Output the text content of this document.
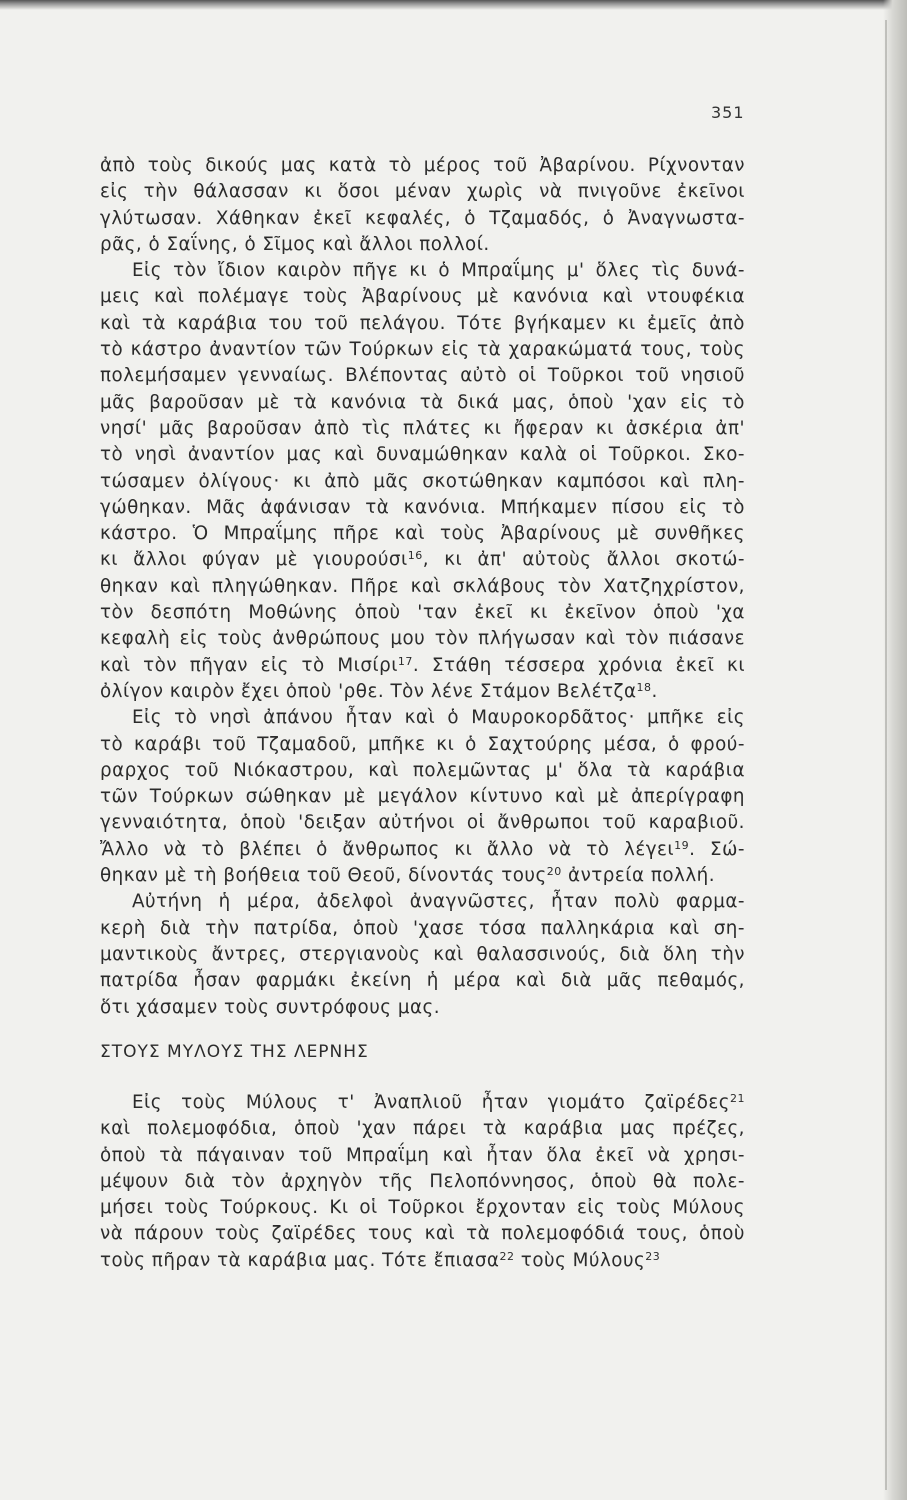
351
ἀπὸ τοὺς δικούς μας κατὰ τὸ μέρος τοῦ Ἀβαρίνου. Ρίχνονταν
εἰς τὴν θάλασσαν κι ὅσοι μέναν χωρὶς νὰ πνιγοῦνε ἐκεῖνοι
γλύτωσαν. Χάθηκαν ἐκεῖ κεφαλές, ὁ Τζαμαδός, ὁ Ἀναγνωστα-
ρᾶς, ὁ Σαΐνης, ὁ Σῖμος καὶ ἄλλοι πολλοί.
Εἰς τὸν ἴδιον καιρὸν πῆγε κι ὁ Μπραΐμης μ' ὅλες τὶς δυνά-
μεις καὶ πολέμαγε τοὺς Ἀβαρίνους μὲ κανόνια καὶ ντουφέκια
καὶ τὰ καράβια του τοῦ πελάγου. Τότε βγήκαμεν κι ἐμεῖς ἀπὸ
τὸ κάστρο ἀναντίον τῶν Τούρκων εἰς τὰ χαρακώματά τους, τοὺς
πολεμήσαμεν γενναίως. Βλέποντας αὐτὸ οἱ Τοῦρκοι τοῦ νησιοῦ
μᾶς βαροῦσαν μὲ τὰ κανόνια τὰ δικά μας, ὁποὺ 'χαν εἰς τὸ
νησί' μᾶς βαροῦσαν ἀπὸ τὶς πλάτες κι ἤφεραν κι ἀσκέρια ἀπ'
τὸ νησὶ ἀναντίον μας καὶ δυναμώθηκαν καλὰ οἱ Τοῦρκοι. Σκο-
τώσαμεν ὀλίγους· κι ἀπὸ μᾶς σκοτώθηκαν καμπόσοι καὶ πλη-
γώθηκαν. Μᾶς ἀφάνισαν τὰ κανόνια. Μπήκαμεν πίσου εἰς τὸ
κάστρο. Ὁ Μπραΐμης πῆρε καὶ τοὺς Ἀβαρίνους μὲ συνθῆκες
κι ἄλλοι φύγαν μὲ γιουρούσι$^{16}$, κι ἀπ' αὐτοὺς ἄλλοι σκοτώ-
θηκαν καὶ πληγώθηκαν. Πῆρε καὶ σκλάβους τὸν Χατζηχρίστον,
τὸν δεσπότη Μοθώνης ὁποὺ 'ταν ἐκεῖ κι ἐκεῖνον ὁποὺ 'χα
κεφαλὴ εἰς τοὺς ἀνθρώπους μου τὸν πλήγωσαν καὶ τὸν πιάσανε
καὶ τὸν πῆγαν εἰς τὸ Μισίρι$^{17}$. Στάθη τέσσερα χρόνια ἐκεῖ κι
ὀλίγον καιρὸν ἔχει ὁποὺ 'ρθε. Τὸν λένε Στάμον Βελέτζα$^{18}$.
Εἰς τὸ νησὶ ἀπάνου ἦταν καὶ ὁ Μαυροκορδᾶτος· μπῆκε εἰς
τὸ καράβι τοῦ Τζαμαδοῦ, μπῆκε κι ὁ Σαχτούρης μέσα, ὁ φρού-
ραρχος τοῦ Νιόκαστρου, καὶ πολεμῶντας μ' ὅλα τὰ καράβια
τῶν Τούρκων σώθηκαν μὲ μεγάλον κίντυνο καὶ μὲ ἀπερίγραφη
γενναιότητα, ὁποὺ 'δειξαν αὐτήνοι οἱ ἄνθρωποι τοῦ καραβιοῦ.
Ἄλλο νὰ τὸ βλέπει ὁ ἄνθρωπος κι ἄλλο νὰ τὸ λέγει$^{19}$. Σώ-
θηκαν μὲ τὴ βοήθεια τοῦ Θεοῦ, δίνοντάς τους$^{20}$ ἀντρεία πολλή.
Αὐτήνη ἡ μέρα, ἀδελφοὶ ἀναγνῶστες, ἦταν πολὺ φαρμα-
κερὴ διὰ τὴν πατρίδα, ὁποὺ 'χασε τόσα παλληκάρια καὶ ση-
μαντικοὺς ἄντρες, στεργιανοὺς καὶ θαλασσινούς, διὰ ὅλη τὴν
πατρίδα ἦσαν φαρμάκι ἐκείνη ἡ μέρα καὶ διὰ μᾶς πεθαμός,
ὅτι χάσαμεν τοὺς συντρόφους μας.
ΣΤΟΥΣ ΜΥΛΟΥΣ ΤΗΣ ΛΕΡΝΗΣ
Εἰς τοὺς Μύλους τ' Ἀναπλιοῦ ἦταν γιομάτο ζαϊρέδες$^{21}$
καὶ πολεμοφόδια, ὁποὺ 'χαν πάρει τὰ καράβια μας πρέζες,
ὁποὺ τὰ πάγαιναν τοῦ Μπραΐμη καὶ ἦταν ὅλα ἐκεῖ νὰ χρησι-
μέψουν διὰ τὸν ἀρχηγὸν τῆς Πελοπόννησος, ὁποὺ θὰ πολε-
μήσει τοὺς Τούρκους. Κι οἱ Τοῦρκοι ἔρχονταν εἰς τοὺς Μύλους
νὰ πάρουν τοὺς ζαϊρέδες τους καὶ τὰ πολεμοφόδιά τους, ὁποὺ
τοὺς πῆραν τὰ καράβια μας. Τότε ἔπιασα$^{22}$ τοὺς Μύλους$^{23}$
